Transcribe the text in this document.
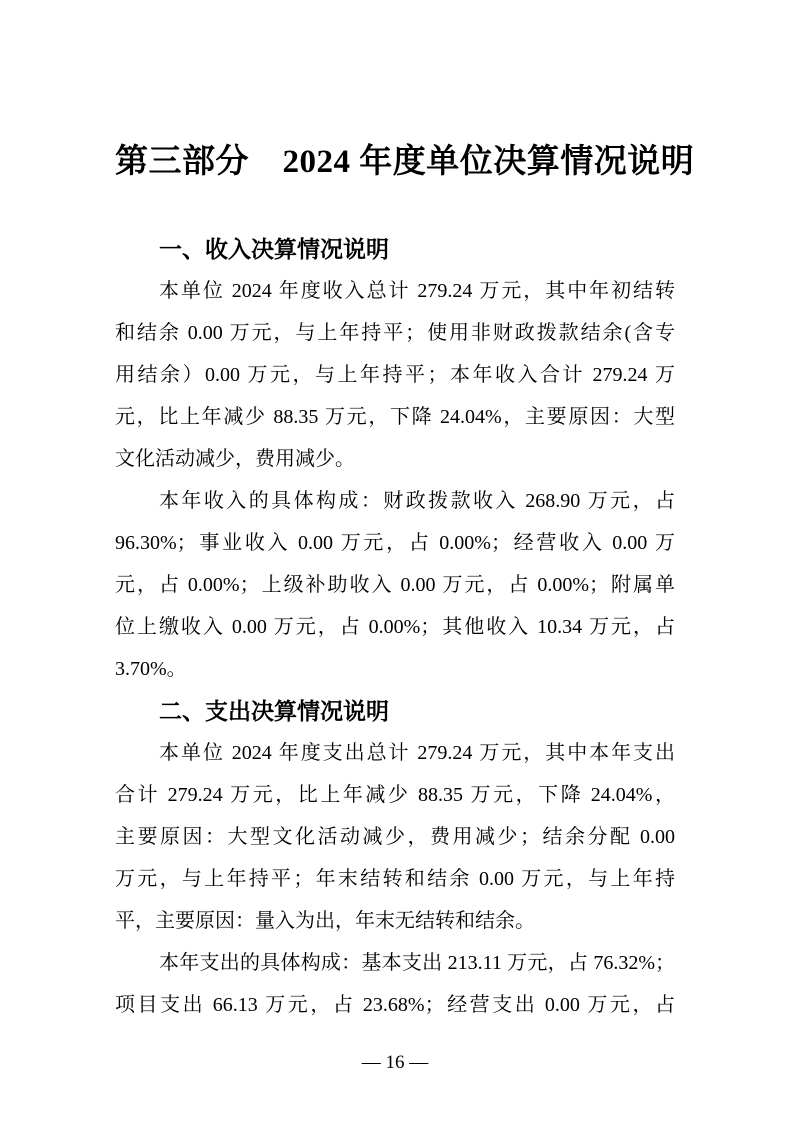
第三部分　2024 年度单位决算情况说明
一、收入决算情况说明
本单位 2024 年度收入总计 279.24 万元，其中年初结转
和结余 0.00 万元，与上年持平；使用非财政拨款结余(含专
用结余）0.00 万元，与上年持平；本年收入合计 279.24 万
元，比上年减少 88.35 万元，下降 24.04%，主要原因：大型
文化活动减少，费用减少。
本年收入的具体构成：财政拨款收入 268.90 万元，占
96.30%；事业收入 0.00 万元，占 0.00%；经营收入 0.00 万
元，占 0.00%；上级补助收入 0.00 万元，占 0.00%；附属单
位上缴收入 0.00 万元，占 0.00%；其他收入 10.34 万元，占
3.70%。
二、支出决算情况说明
本单位 2024 年度支出总计 279.24 万元，其中本年支出
合计 279.24 万元，比上年减少 88.35 万元，下降 24.04%，
主要原因：大型文化活动减少，费用减少；结余分配 0.00
万元，与上年持平；年末结转和结余 0.00 万元，与上年持
平，主要原因：量入为出，年末无结转和结余。
本年支出的具体构成：基本支出 213.11 万元，占 76.32%；
项目支出 66.13 万元，占 23.68%；经营支出 0.00 万元，占
— 16 —
